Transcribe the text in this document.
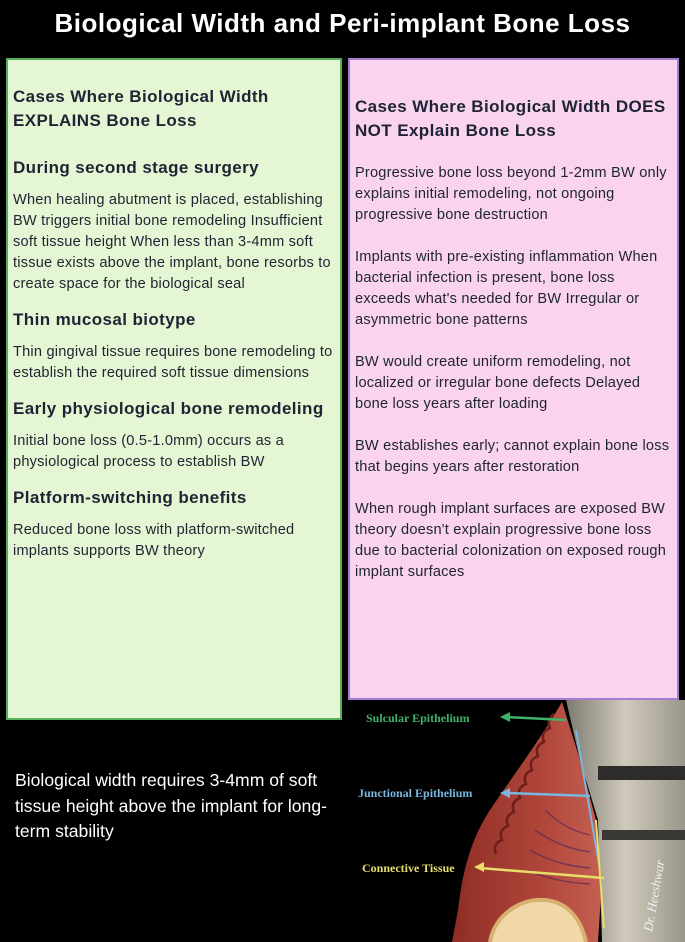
Biological Width and Peri-implant Bone Loss
Cases Where Biological Width EXPLAINS Bone Loss
During second stage surgery

When healing abutment is placed, establishing BW triggers initial bone remodeling Insufficient soft tissue height When less than 3-4mm soft tissue exists above the implant, bone resorbs to create space for the biological seal

Thin mucosal biotype

Thin gingival tissue requires bone remodeling to establish the required soft tissue dimensions

Early physiological bone remodeling

Initial bone loss (0.5-1.0mm) occurs as a physiological process to establish BW

Platform-switching benefits

Reduced bone loss with platform-switched implants supports BW theory

Cases Where Biological Width DOES NOT Explain Bone Loss

Progressive bone loss beyond 1-2mm BW only explains initial remodeling, not ongoing progressive bone destruction

Implants with pre-existing inflammation When bacterial infection is present, bone loss exceeds what's needed for BW Irregular or asymmetric bone patterns

BW would create uniform remodeling, not localized or irregular bone defects Delayed bone loss years after loading

BW establishes early; cannot explain bone loss that begins years after restoration

When rough implant surfaces are exposed BW theory doesn't explain progressive bone loss due to bacterial colonization on exposed rough implant surfaces

Biological width requires 3-4mm of soft tissue height above the implant for long-term stability
Sulcular Epithelium
Junctional Epithelium
Connective Tissue	Dr. Heeshwar
